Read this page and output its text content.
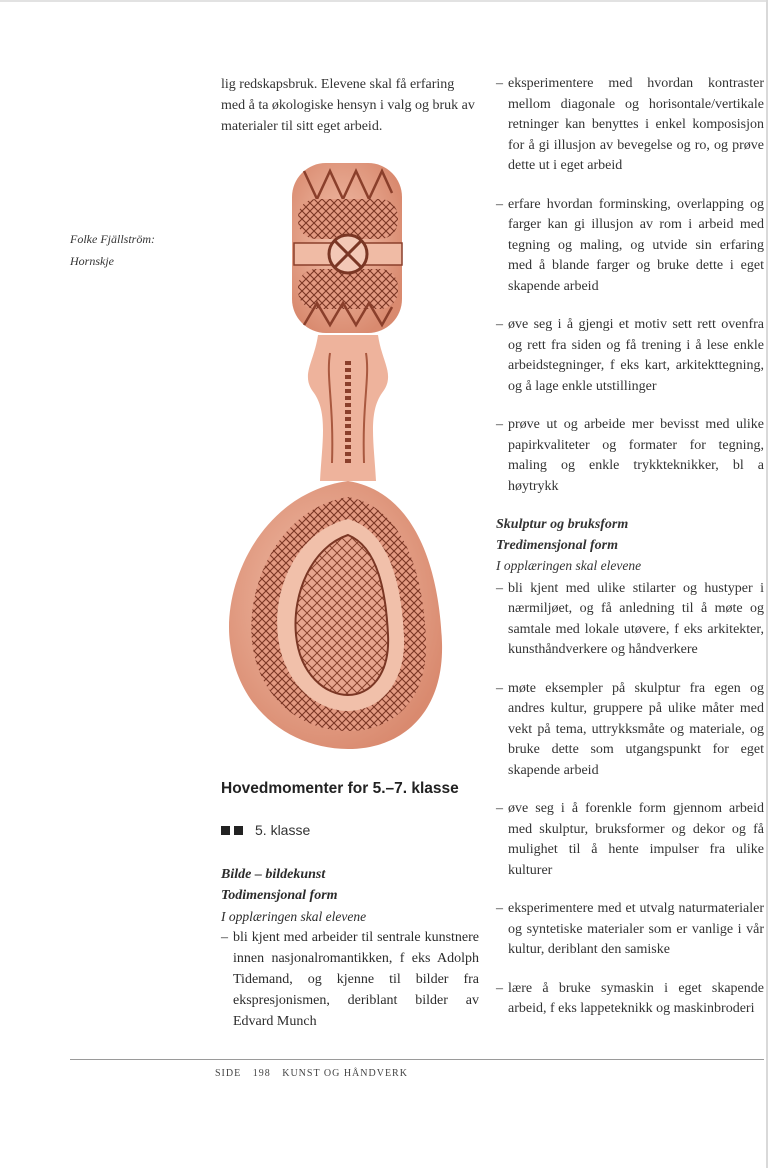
Folke Fjällström:
Hornskje

lig redskapsbruk. Elevene skal få erfaring med å ta økologiske hensyn i valg og bruk av materialer til sitt eget arbeid.

Hovedmomenter for 5.–7. klasse
5. klasse

Bilde – bildekunst

Todimensjonal form

I opplæringen skal elevene

– bli kjent med arbeider til sentrale kunstnere innen nasjonalromantikken, f eks Adolph Tidemand, og kjenne til bilder fra ekspresjonismen, deriblant bilder av Edvard Munch

– eksperimentere med hvordan kontraster mellom diagonale og horisontale/vertikale retninger kan benyttes i enkel komposisjon for å gi illusjon av bevegelse og ro, og prøve dette ut i eget arbeid

– erfare hvordan forminsking, overlapping og farger kan gi illusjon av rom i arbeid med tegning og maling, og utvide sin erfaring med å blande farger og bruke dette i eget skapende arbeid

– øve seg i å gjengi et motiv sett rett ovenfra og rett fra siden og få trening i å lese enkle arbeidstegninger, f eks kart, arkitekttegning, og å lage enkle utstillinger

– prøve ut og arbeide mer bevisst med ulike papirkvaliteter og formater for tegning, maling og enkle trykkteknikker, bl a høytrykk

Skulptur og bruksform

Tredimensjonal form

I opplæringen skal elevene

– bli kjent med ulike stilarter og hustyper i nærmiljøet, og få anledning til å møte og samtale med lokale utøvere, f eks arkitekter, kunsthåndverkere og håndverkere

– møte eksempler på skulptur fra egen og andres kultur, gruppere på ulike måter med vekt på tema, uttrykksmåte og materiale, og bruke dette som utgangspunkt for eget skapende arbeid

– øve seg i å forenkle form gjennom arbeid med skulptur, bruksformer og dekor og få mulighet til å hente impulser fra ulike kulturer

– eksperimentere med et utvalg naturmaterialer og syntetiske materialer som er vanlige i vår kultur, deriblant den samiske

– lære å bruke symaskin i eget skapende arbeid, f eks lappeteknikk og maskinbroderi

SIDE 198 KUNST OG HÅNDVERK
